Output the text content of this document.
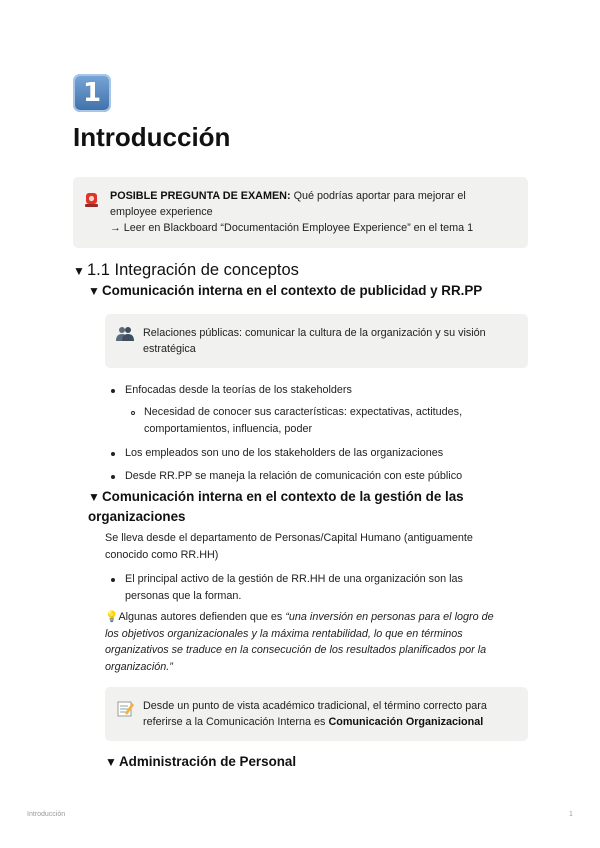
1
Introducción
POSIBLE PREGUNTA DE EXAMEN: Qué podrías aportar para mejorar el
employee experience
→ Leer en Blackboard “Documentación Employee Experience” en el tema 1
▼ 1.1 Integración de conceptos
▼ Comunicación interna en el contexto de publicidad y RR.PP
Relaciones públicas: comunicar la cultura de la organización y su visión
estratégica
Enfocadas desde la teorías de los stakeholders
Necesidad de conocer sus características: expectativas, actitudes,
comportamientos, influencia, poder
Los empleados son uno de los stakeholders de las organizaciones
Desde RR.PP se maneja la relación de comunicación con este público
▼ Comunicación interna en el contexto de la gestión de las
organizaciones
Se lleva desde el departamento de Personas/Capital Humano (antiguamente
conocido como RR.HH)
El principal activo de la gestión de RR.HH de una organización son las
personas que la forman.
💡Algunas autores defienden que es “una inversión en personas para el logro de
los objetivos organizacionales y la máxima rentabilidad, lo que en términos
organizativos se traduce en la consecución de los resultados planificados por la
organización.”
Desde un punto de vista académico tradicional, el término correcto para
referirse a la Comunicación Interna es Comunicación Organizacional
▼ Administración de Personal
Introducción	1
